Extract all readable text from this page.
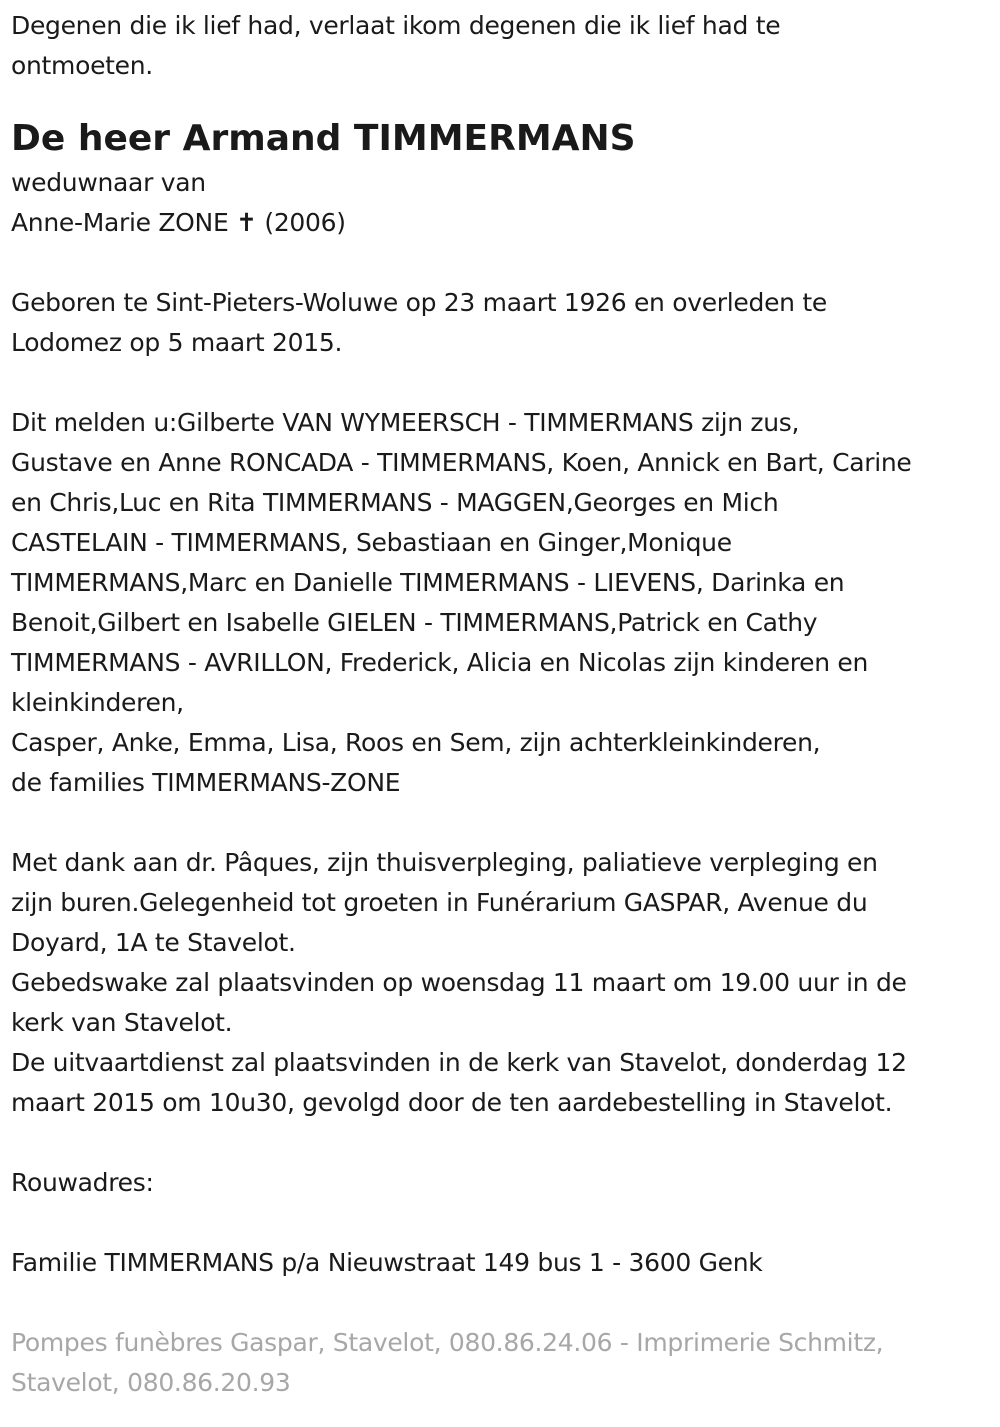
Degenen die ik lief had, verlaat ikom degenen die ik lief had te
ontmoeten.
De heer Armand TIMMERMANS
weduwnaar van
Anne-Marie ZONE ✝ (2006)
Geboren te Sint-Pieters-Woluwe op 23 maart 1926 en overleden te
Lodomez op 5 maart 2015.
Dit melden u:Gilberte VAN WYMEERSCH - TIMMERMANS zijn zus,
Gustave en Anne RONCADA - TIMMERMANS, Koen, Annick en Bart, Carine
en Chris,Luc en Rita TIMMERMANS - MAGGEN,Georges en Mich
CASTELAIN - TIMMERMANS, Sebastiaan en Ginger,Monique
TIMMERMANS,Marc en Danielle TIMMERMANS - LIEVENS, Darinka en
Benoit,Gilbert en Isabelle GIELEN - TIMMERMANS,Patrick en Cathy
TIMMERMANS - AVRILLON, Frederick, Alicia en Nicolas zijn kinderen en
kleinkinderen,
Casper, Anke, Emma, Lisa, Roos en Sem, zijn achterkleinkinderen,
de families TIMMERMANS-ZONE
Met dank aan dr. Pâques, zijn thuisverpleging, paliatieve verpleging en
zijn buren.Gelegenheid tot groeten in Funérarium GASPAR, Avenue du
Doyard, 1A te Stavelot.
Gebedswake zal plaatsvinden op woensdag 11 maart om 19.00 uur in de
kerk van Stavelot.
De uitvaartdienst zal plaatsvinden in de kerk van Stavelot, donderdag 12
maart 2015 om 10u30, gevolgd door de ten aardebestelling in Stavelot.
Rouwadres:
Familie TIMMERMANS p/a Nieuwstraat 149 bus 1 - 3600 Genk
Pompes funèbres Gaspar, Stavelot, 080.86.24.06 - Imprimerie Schmitz,
Stavelot, 080.86.20.93
